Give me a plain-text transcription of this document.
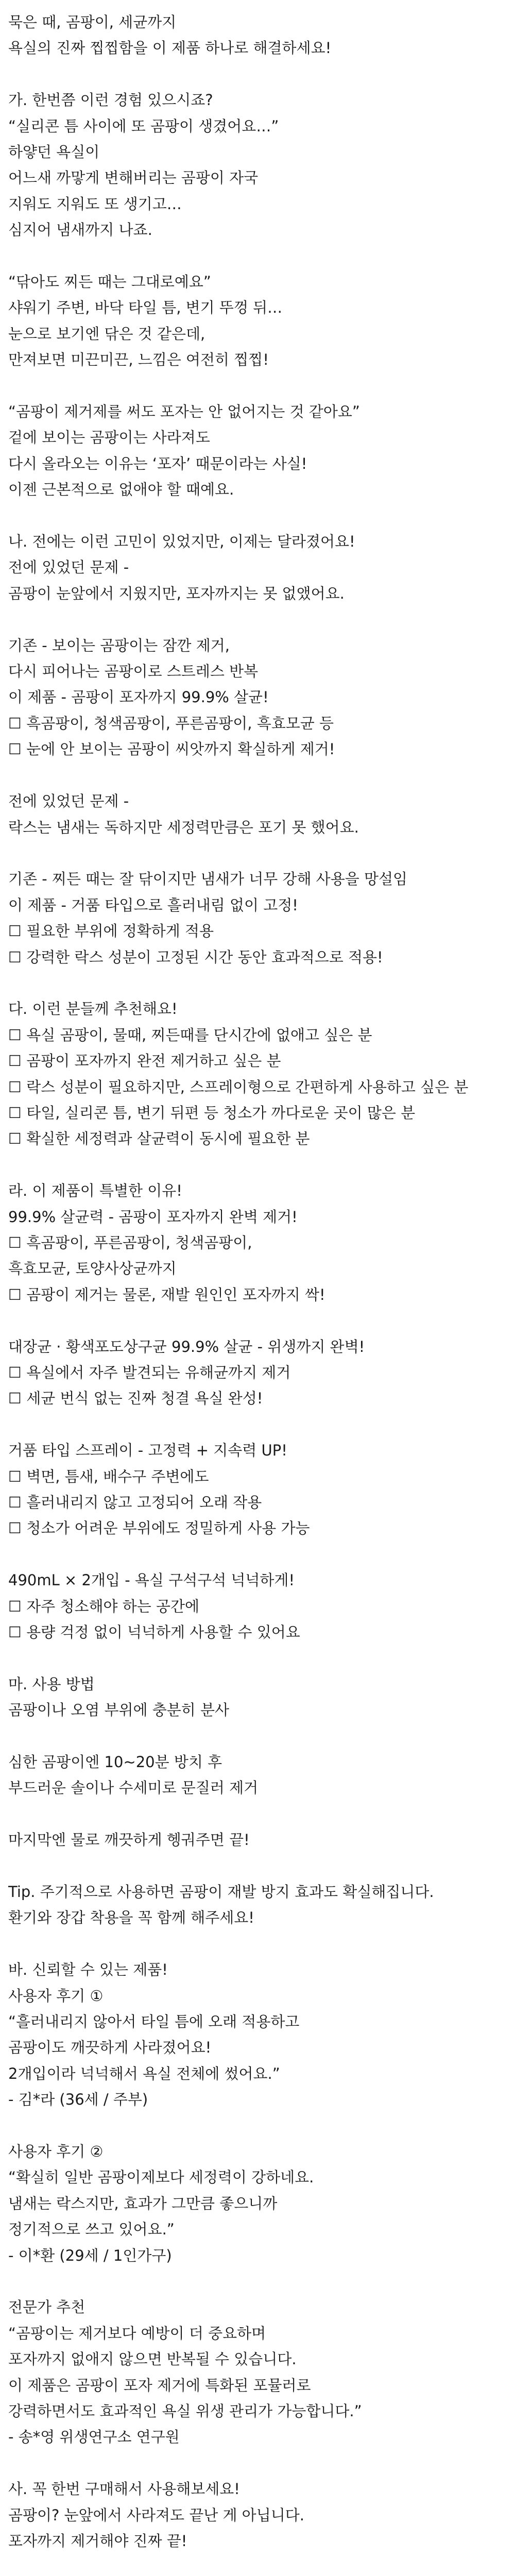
묵은 때, 곰팡이, 세균까지

욕실의 진짜 찝찝함을 이 제품 하나로 해결하세요!

가. 한번쯤 이런 경험 있으시죠?

“실리콘 틈 사이에 또 곰팡이 생겼어요…”

하얗던 욕실이

어느새 까맣게 변해버리는 곰팡이 자국

지워도 지워도 또 생기고…

심지어 냄새까지 나죠.

“닦아도 찌든 때는 그대로예요”

샤워기 주변, 바닥 타일 틈, 변기 뚜껑 뒤…

눈으로 보기엔 닦은 것 같은데,

만져보면 미끈미끈, 느낌은 여전히 찝찝!

“곰팡이 제거제를 써도 포자는 안 없어지는 것 같아요”

겉에 보이는 곰팡이는 사라져도

다시 올라오는 이유는 ‘포자’ 때문이라는 사실!

이젠 근본적으로 없애야 할 때예요.

나. 전에는 이런 고민이 있었지만, 이제는 달라졌어요!

전에 있었던 문제 -

곰팡이 눈앞에서 지웠지만, 포자까지는 못 없앴어요.

기존 - 보이는 곰팡이는 잠깐 제거,

다시 피어나는 곰팡이로 스트레스 반복

이 제품 - 곰팡이 포자까지 99.9% 살균!

☐ 흑곰팡이, 청색곰팡이, 푸른곰팡이, 흑효모균 등

☐ 눈에 안 보이는 곰팡이 씨앗까지 확실하게 제거!

전에 있었던 문제 -

락스는 냄새는 독하지만 세정력만큼은 포기 못 했어요.

기존 - 찌든 때는 잘 닦이지만 냄새가 너무 강해 사용을 망설임

이 제품 - 거품 타입으로 흘러내림 없이 고정!

☐ 필요한 부위에 정확하게 적용

☐ 강력한 락스 성분이 고정된 시간 동안 효과적으로 적용!

다. 이런 분들께 추천해요!

☐ 욕실 곰팡이, 물때, 찌든때를 단시간에 없애고 싶은 분

☐ 곰팡이 포자까지 완전 제거하고 싶은 분

☐ 락스 성분이 필요하지만, 스프레이형으로 간편하게 사용하고 싶은 분

☐ 타일, 실리콘 틈, 변기 뒤편 등 청소가 까다로운 곳이 많은 분

☐ 확실한 세정력과 살균력이 동시에 필요한 분

라. 이 제품이 특별한 이유!

99.9% 살균력 - 곰팡이 포자까지 완벽 제거!

☐ 흑곰팡이, 푸른곰팡이, 청색곰팡이,

흑효모균, 토양사상균까지

☐ 곰팡이 제거는 물론, 재발 원인인 포자까지 싹!

대장균 · 황색포도상구균 99.9% 살균 - 위생까지 완벽!

☐ 욕실에서 자주 발견되는 유해균까지 제거

☐ 세균 번식 없는 진짜 청결 욕실 완성!

거품 타입 스프레이 - 고정력 + 지속력 UP!

☐ 벽면, 틈새, 배수구 주변에도

☐ 흘러내리지 않고 고정되어 오래 작용

☐ 청소가 어려운 부위에도 정밀하게 사용 가능

490mL × 2개입 - 욕실 구석구석 넉넉하게!

☐ 자주 청소해야 하는 공간에

☐ 용량 걱정 없이 넉넉하게 사용할 수 있어요

마. 사용 방법

곰팡이나 오염 부위에 충분히 분사

심한 곰팡이엔 10~20분 방치 후

부드러운 솔이나 수세미로 문질러 제거

마지막엔 물로 깨끗하게 헹궈주면 끝!

Tip. 주기적으로 사용하면 곰팡이 재발 방지 효과도 확실해집니다.

환기와 장갑 착용을 꼭 함께 해주세요!

바. 신뢰할 수 있는 제품!

사용자 후기 ①

“흘러내리지 않아서 타일 틈에 오래 적용하고

곰팡이도 깨끗하게 사라졌어요!

2개입이라 넉넉해서 욕실 전체에 썼어요.”

- 김*라 (36세 / 주부)

사용자 후기 ②

“확실히 일반 곰팡이제보다 세정력이 강하네요.

냄새는 락스지만, 효과가 그만큼 좋으니까

정기적으로 쓰고 있어요.”

- 이*환 (29세 / 1인가구)

전문가 추천

“곰팡이는 제거보다 예방이 더 중요하며

포자까지 없애지 않으면 반복될 수 있습니다.

이 제품은 곰팡이 포자 제거에 특화된 포뮬러로

강력하면서도 효과적인 욕실 위생 관리가 가능합니다.”

- 송*영 위생연구소 연구원

사. 꼭 한번 구매해서 사용해보세요!

곰팡이? 눈앞에서 사라져도 끝난 게 아닙니다.

포자까지 제거해야 진짜 끝!
